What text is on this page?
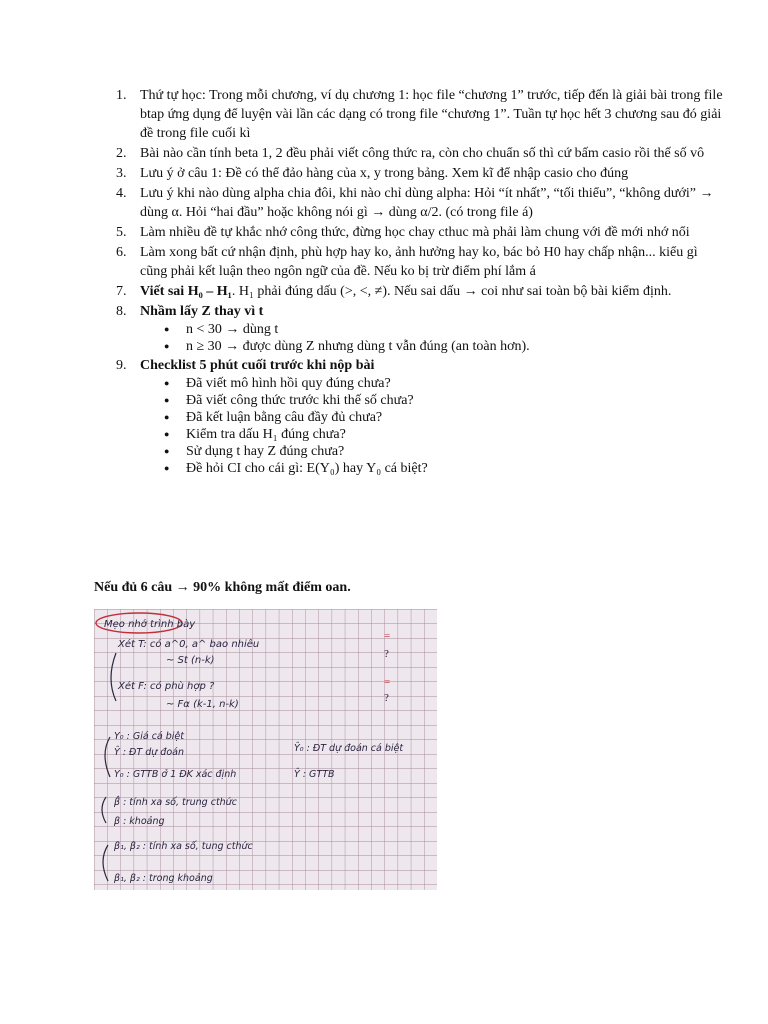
1. Thứ tự học: Trong mỗi chương, ví dụ chương 1: học file “chương 1” trước, tiếp đến là giải bài trong file btap ứng dụng để luyện vài lần các dạng có trong file “chương 1”. Tuần tự học hết 3 chương sau đó giải đề trong file cuối kì
2. Bài nào cần tính beta 1, 2 đều phải viết công thức ra, còn cho chuẩn số thì cứ bấm casio rồi thế số vô
3. Lưu ý ở câu 1: Đề có thể đảo hàng của x, y trong bảng. Xem kĩ để nhập casio cho đúng
4. Lưu ý khi nào dùng alpha chia đôi, khi nào chỉ dùng alpha: Hỏi “ít nhất”, “tối thiểu”, “không dưới” → dùng α. Hỏi “hai đầu” hoặc không nói gì → dùng α/2. (có trong file á)
5. Làm nhiều đề tự khắc nhớ công thức, đừng học chay cthuc mà phải làm chung với đề mới nhớ nổi
6. Làm xong bất cứ nhận định, phù hợp hay ko, ảnh hưởng hay ko, bác bỏ H0 hay chấp nhận... kiểu gì cũng phải kết luận theo ngôn ngữ của đề. Nếu ko bị trừ điểm phí lắm á
7. Viết sai H₀ – H₁. H₁ phải đúng dấu (>, <, ≠). Nếu sai dấu → coi như sai toàn bộ bài kiểm định.
8. Nhầm lấy Z thay vì t
● n < 30 → dùng t
● n ≥ 30 → được dùng Z nhưng dùng t vẫn đúng (an toàn hơn).
9. Checklist 5 phút cuối trước khi nộp bài
● Đã viết mô hình hồi quy đúng chưa?
● Đã viết công thức trước khi thế số chưa?
● Đã kết luận bằng câu đầy đủ chưa?
● Kiểm tra dấu H₁ đúng chưa?
● Sử dụng t hay Z đúng chưa?
● Đề hỏi CI cho cái gì: E(Y₀) hay Y₀ cá biệt?
Nếu đủ 6 câu → 90% không mất điểm oan.
Mẹo nhớ trình bày
Xét T: có a^0, a^ bao nhiêu
~ St (n-k)
Xét F: có phù hợp ?
~ Fα (k-1, n-k)
=
?
=
?
Y₀ : Giá cá biệt
Ŷ : ĐT dự đoán
Y₀ : GTTB ở 1 ĐK xác định
Ŷ₀ : ĐT dự đoán cá biệt
Ŷ : GTTB
β̂ : tính xa số, trung cthức
β : khoảng
β₁, β₂ : tính xa số, tung cthức
β₁, β₂ : trong khoảng
